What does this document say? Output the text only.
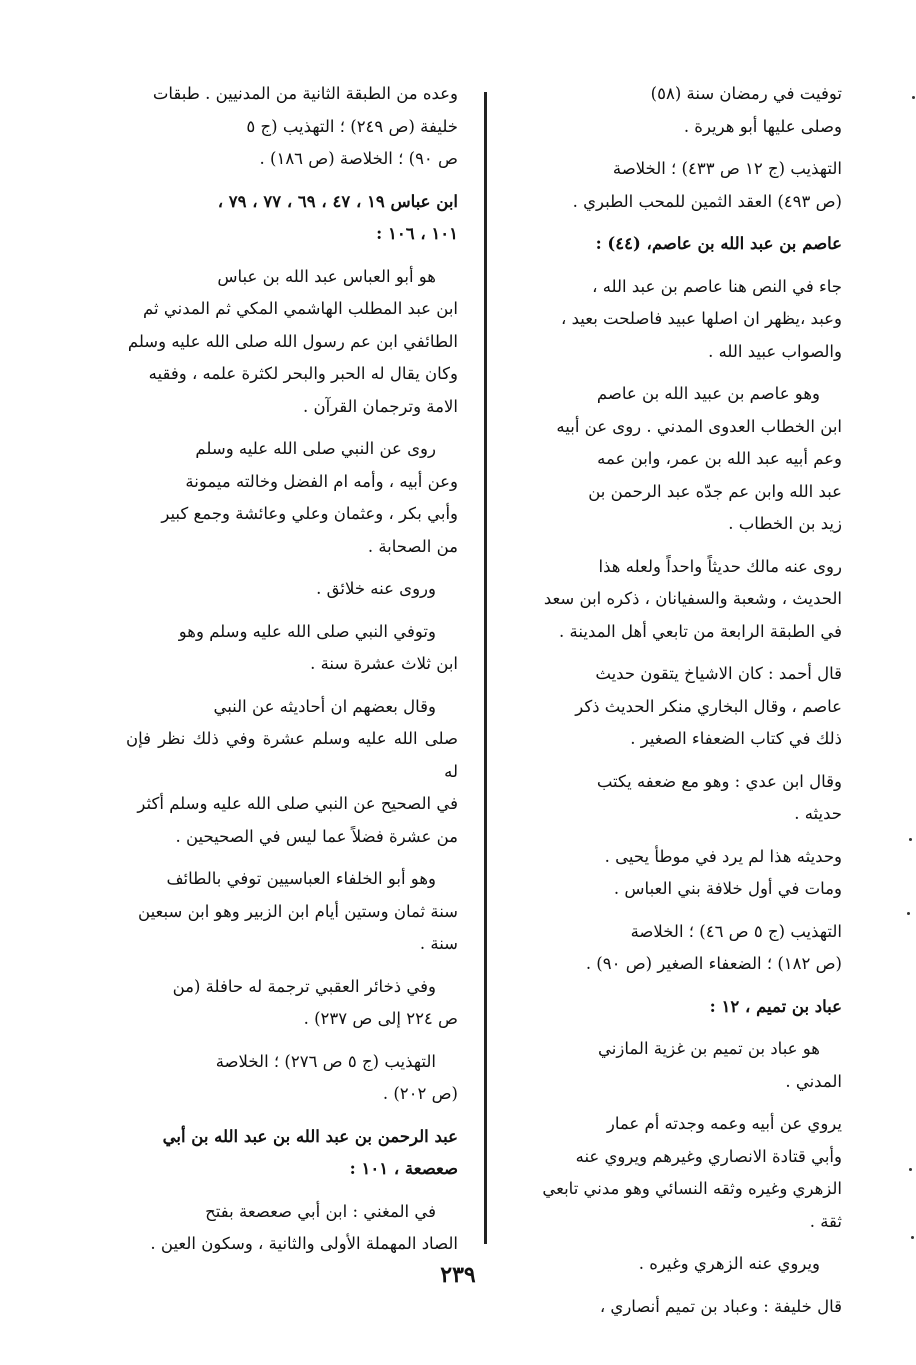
توفيت في رمضان سنة (٥٨)
وصلى عليها أبو هريرة .

التهذيب (ج ١٢ ص ٤٣٣) ؛ الخلاصة
(ص ٤٩٣) العقد الثمين للمحب الطبري .

عاصم بن عبد الله بن عاصم، (٤٤) :

جاء في النص هنا عاصم بن عبد الله ،
وعبد ،يظهر ان اصلها عبيد فاصلحت بعيد ،
والصواب عبيد الله .

وهو عاصم بن عبيد الله بن عاصم
ابن الخطاب العدوى المدني . روى عن أبيه
وعم أبيه عبد الله بن عمر، وابن عمه
عبد الله وابن عم جدّه عبد الرحمن بن
زيد بن الخطاب .

روى عنه مالك حديثاً واحداً ولعله هذا
الحديث ، وشعبة والسفيانان ، ذكره ابن سعد
في الطبقة الرابعة من تابعي أهل المدينة .

قال أحمد : كان الاشياخ يتقون حديث
عاصم ، وقال البخاري منكر الحديث ذكر
ذلك في كتاب الضعفاء الصغير .

وقال ابن عدي : وهو مع ضعفه يكتب
حديثه .

وحديثه هذا لم يرد في موطأ يحيى .
ومات في أول خلافة بني العباس .

التهذيب (ج ٥ ص ٤٦) ؛ الخلاصة
(ص ١٨٢) ؛ الضعفاء الصغير (ص ٩٠) .

عباد بن تميم ، ١٢ :

هو عباد بن تميم بن غزية المازني
المدني .

يروي عن أبيه وعمه وجدته أم عمار
وأبي قتادة الانصاري وغيرهم ويروي عنه
الزهري وغيره وثقه النسائي وهو مدني تابعي
ثقة .

ويروي عنه الزهري وغيره .

قال خليفة : وعباد بن تميم أنصاري ،

وعده من الطبقة الثانية من المدنيين . طبقات
خليفة (ص ٢٤٩) ؛ التهذيب (ج ٥
ص ٩٠) ؛ الخلاصة (ص ١٨٦) .

ابن عباس ١٩ ، ٤٧ ، ٦٩ ، ٧٧ ، ٧٩ ،
١٠١ ، ١٠٦ :

هو أبو العباس عبد الله بن عباس
ابن عبد المطلب الهاشمي المكي ثم المدني ثم
الطائفي ابن عم رسول الله صلى الله عليه وسلم
وكان يقال له الحبر والبحر لكثرة علمه ، وفقيه
الامة وترجمان القرآن .

روى عن النبي صلى الله عليه وسلم
وعن أبيه ، وأمه ام الفضل وخالته ميمونة
وأبي بكر ، وعثمان وعلي وعائشة وجمع كبير
من الصحابة .

وروى عنه خلائق .

وتوفي النبي صلى الله عليه وسلم وهو
ابن ثلاث عشرة سنة .

وقال بعضهم ان أحاديثه عن النبي
صلى الله عليه وسلم عشرة وفي ذلك نظر فإن له
في الصحيح عن النبي صلى الله عليه وسلم أكثر
من عشرة فضلاً عما ليس في الصحيحين .

وهو أبو الخلفاء العباسيين توفي بالطائف
سنة ثمان وستين أيام ابن الزبير وهو ابن سبعين
سنة .

وفي ذخائر العقبي ترجمة له حافلة (من
ص ٢٢٤ إلى ص ٢٣٧) .

التهذيب (ج ٥ ص ٢٧٦) ؛ الخلاصة
(ص ٢٠٢) .

عبد الرحمن بن عبد الله بن عبد الله بن أبي
صعصعة ، ١٠١ :

في المغني : ابن أبي صعصعة بفتح
الصاد المهملة الأولى والثانية ، وسكون العين .

٢٣٩
